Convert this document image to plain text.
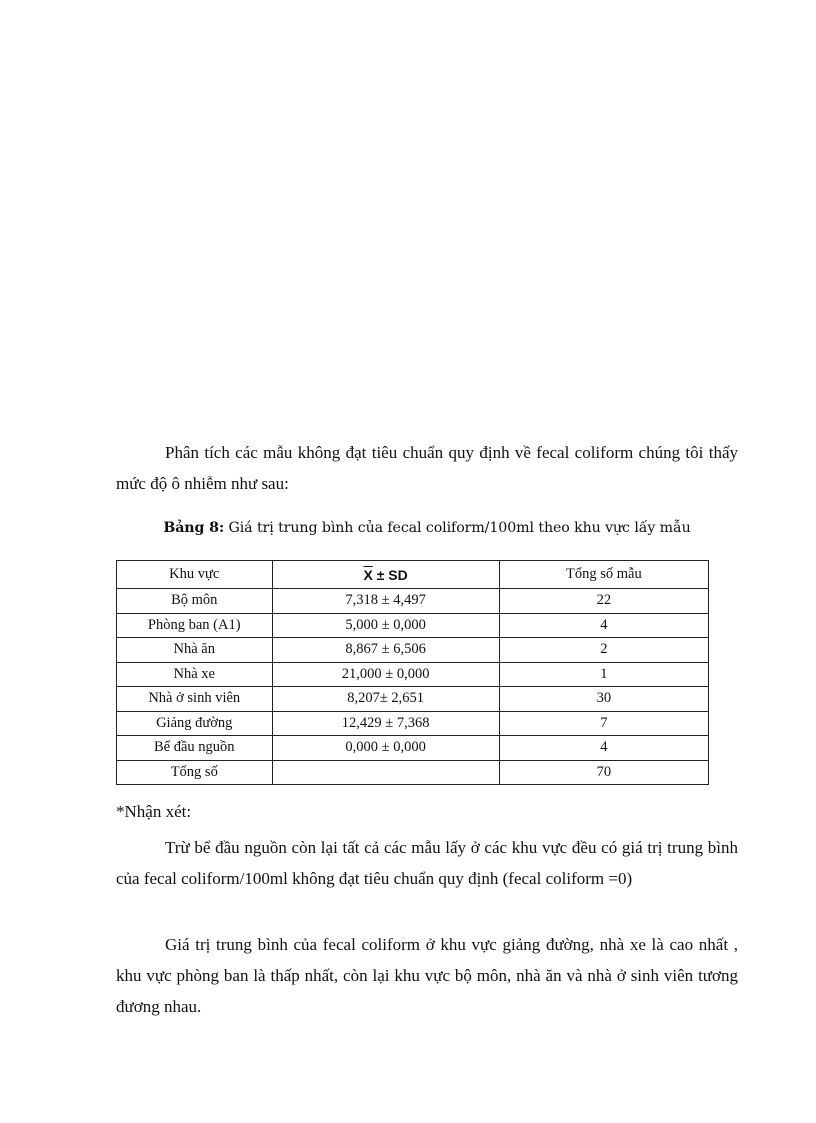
Phân tích các mẫu không đạt tiêu chuẩn quy định về fecal coliform chúng tôi thấy mức độ ô nhiễm như sau:

Bảng 8: Giá trị trung bình của fecal coliform/100ml theo khu vực lấy mẫu

Khu vực	$\overline{X}$ ± SD	Tổng số mẫu
Bộ môn	7,318 ± 4,497	22
Phòng ban (A1)	5,000 ± 0,000	4
Nhà ăn	8,867 ± 6,506	2
Nhà xe	21,000 ± 0,000	1
Nhà ở sinh viên	8,207± 2,651	30
Giảng đường	12,429 ± 7,368	7
Bể đầu nguồn	0,000 ± 0,000	4
Tổng số		70

*Nhận xét:

Trừ bể đầu nguồn còn lại tất cả các mẫu lấy ở các khu vực đều có giá trị trung bình của fecal coliform/100ml không đạt tiêu chuẩn quy định (fecal coliform =0)

Giá trị trung bình của fecal coliform ở khu vực giảng đường, nhà xe là cao nhất , khu vực phòng ban là thấp nhất, còn lại khu vực bộ môn, nhà ăn và nhà ở sinh viên tương đương nhau.
